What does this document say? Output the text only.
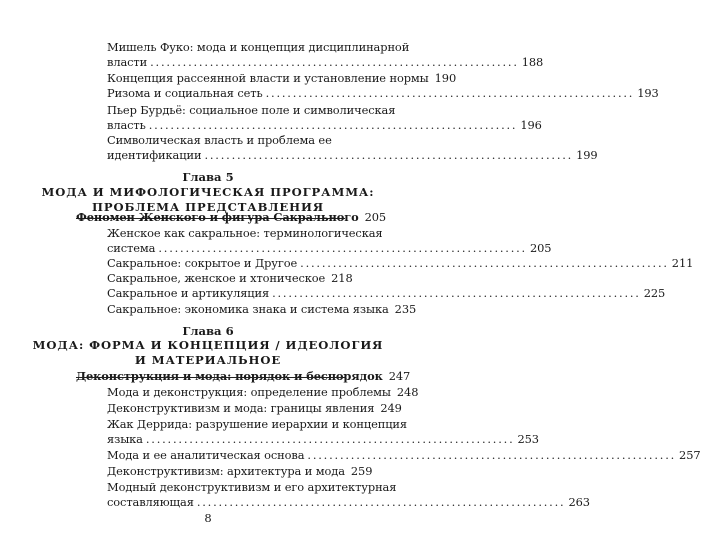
Мишель Фуко: мода и концепция дисциплинарной
власти .................................................................... 188
Концепция рассеянной власти и установление нормы 190
Ризома и социальная сеть .................................................................... 193
Пьер Бурдьё: социальное поле и символическая
власть .................................................................... 196
Символическая власть и проблема ее
идентификации .................................................................... 199
Глава 5
МОДА И МИФОЛОГИЧЕСКАЯ ПРОГРАММА:
ПРОБЛЕМА ПРЕДСТАВЛЕНИЯ
Феномен Женского и фигура Сакрального 205
Женское как сакральное: терминологическая
система .................................................................... 205
Сакральное: сокрытое и Другое .................................................................... 211
Сакральное, женское и хтоническое 218
Сакральное и артикуляция .................................................................... 225
Сакральное: экономика знака и система языка 235
Глава 6
МОДА: ФОРМА И КОНЦЕПЦИЯ / ИДЕОЛОГИЯ
И МАТЕРИАЛЬНОЕ
Деконструкция и мода: порядок и беспорядок 247
Мода и деконструкция: определение проблемы 248
Деконструктивизм и мода: границы явления 249
Жак Деррида: разрушение иерархии и концепция
языка .................................................................... 253
Мода и ее аналитическая основа .................................................................... 257
Деконструктивизм: архитектура и мода 259
Модный деконструктивизм и его архитектурная
составляющая .................................................................... 263
8
